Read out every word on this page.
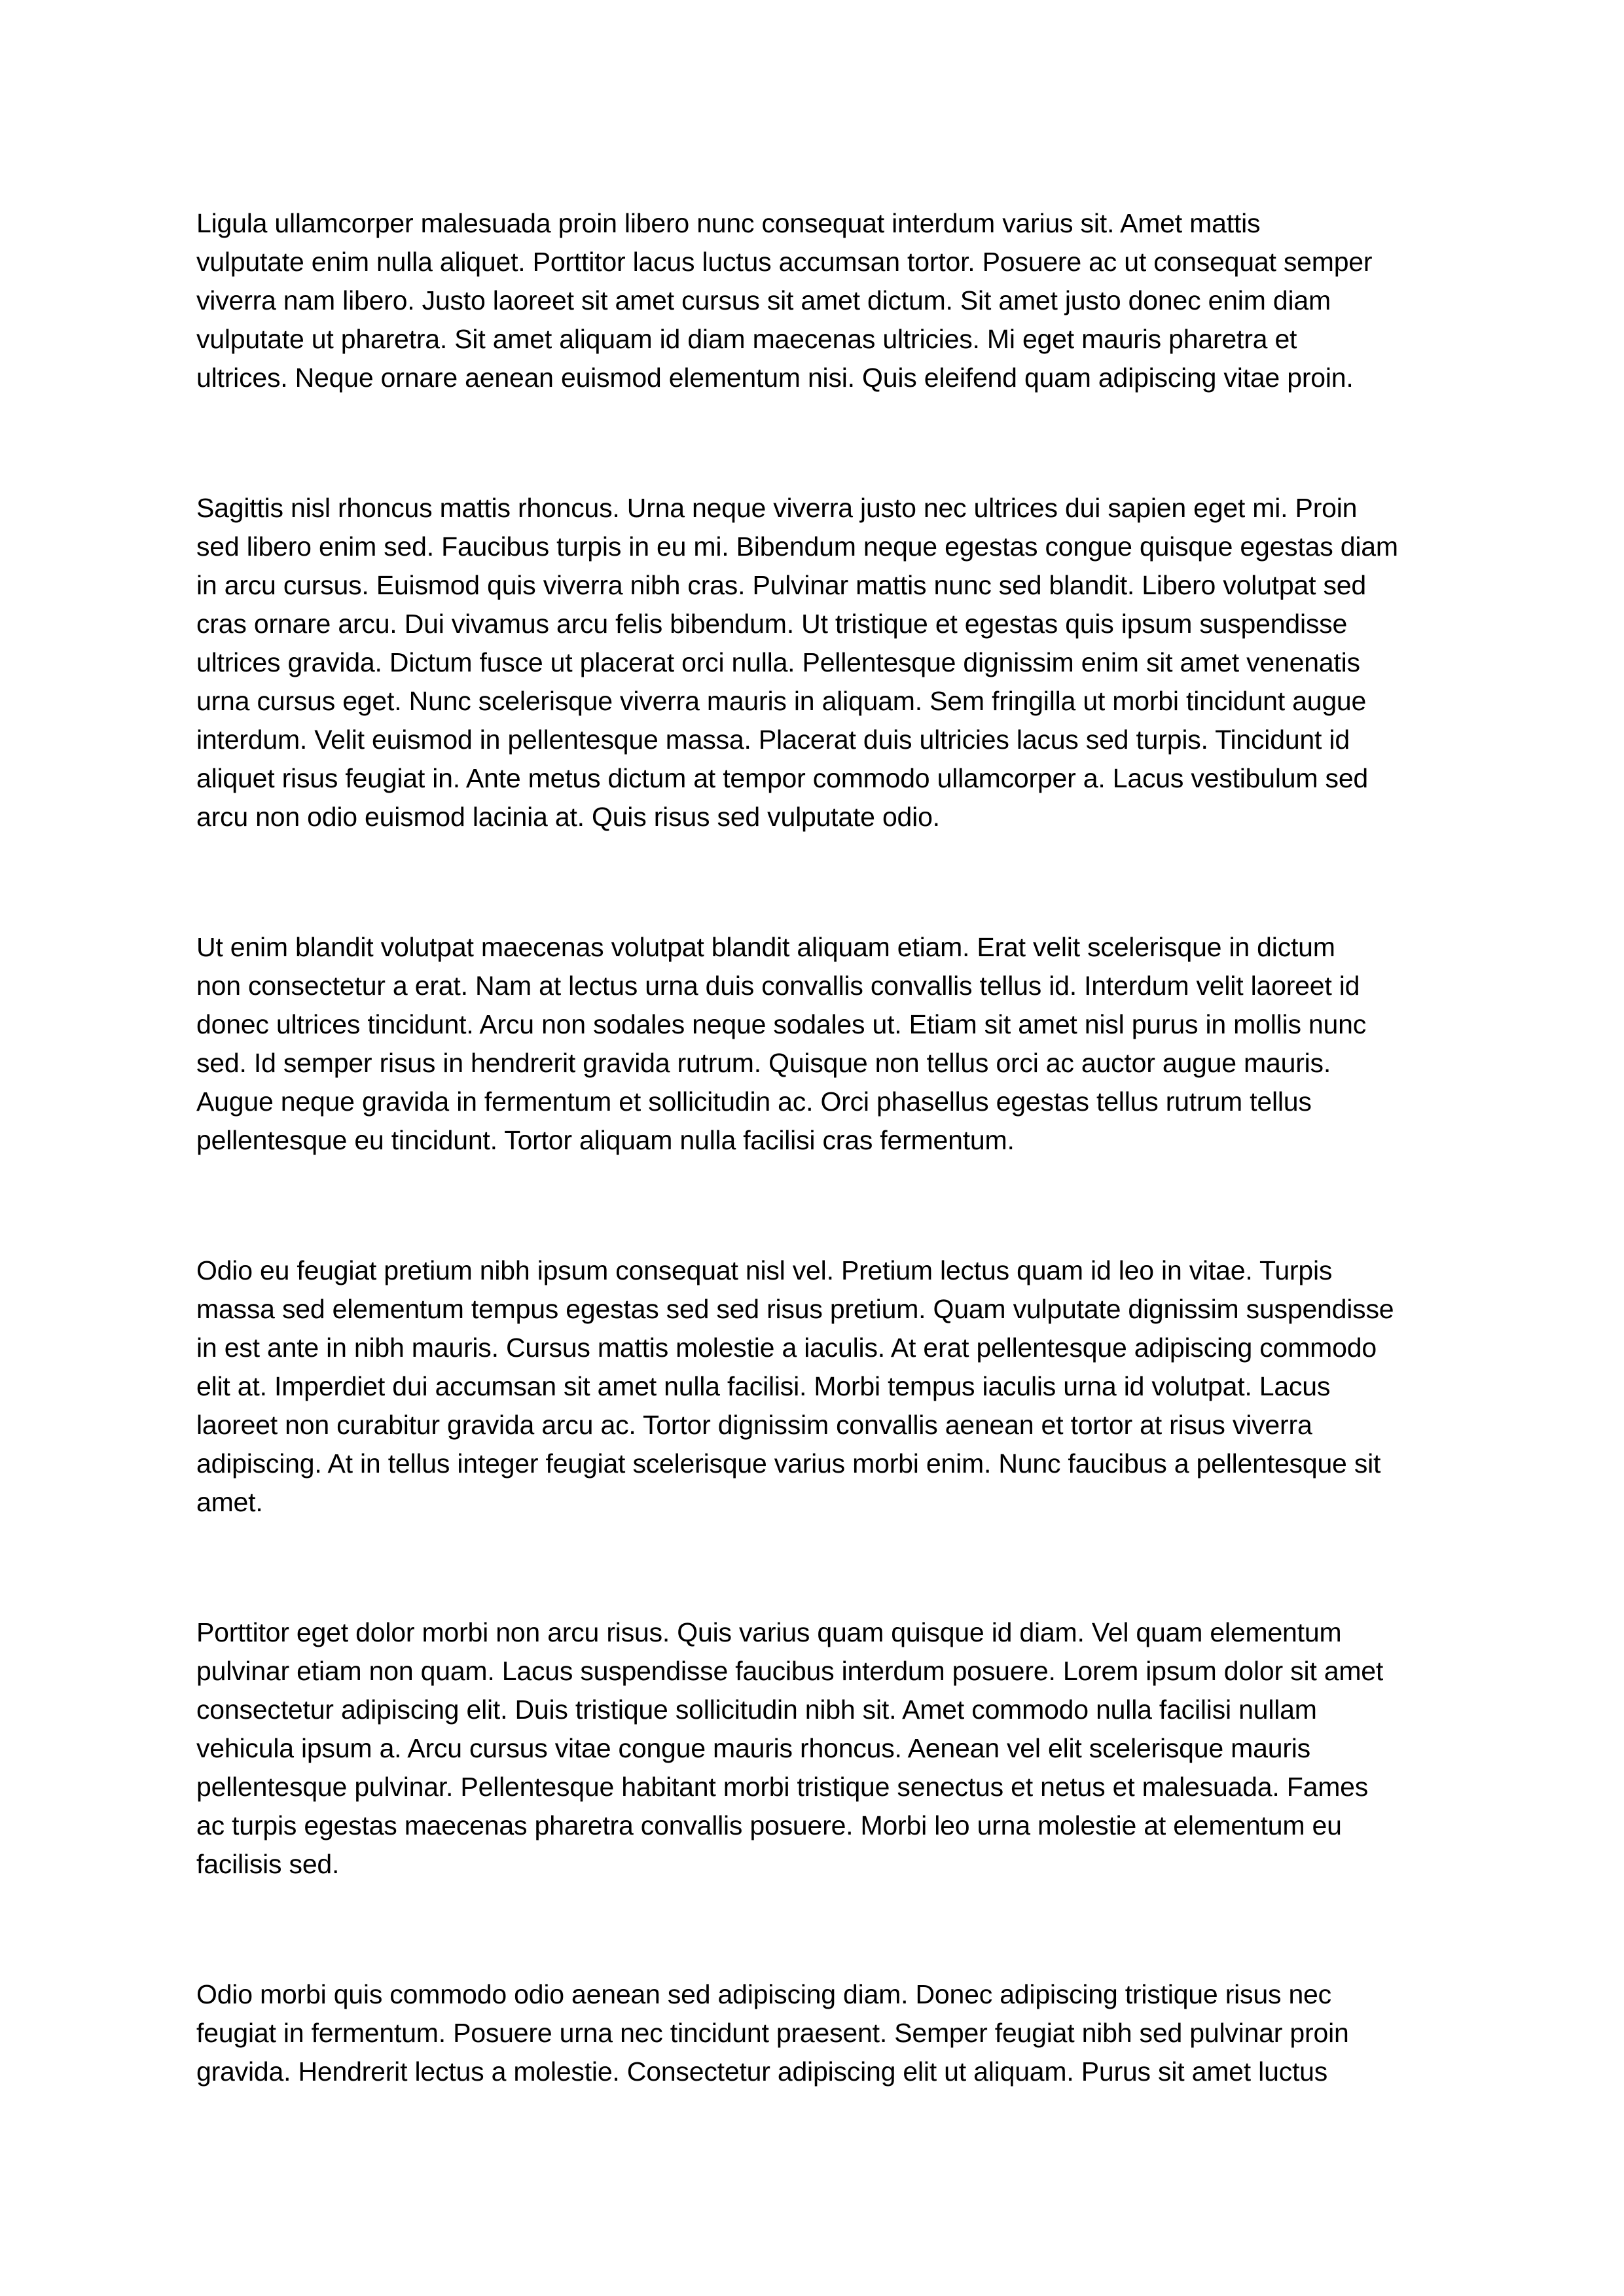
Ligula ullamcorper malesuada proin libero nunc consequat interdum varius sit. Amet mattis
vulputate enim nulla aliquet. Porttitor lacus luctus accumsan tortor. Posuere ac ut consequat semper
viverra nam libero. Justo laoreet sit amet cursus sit amet dictum. Sit amet justo donec enim diam
vulputate ut pharetra. Sit amet aliquam id diam maecenas ultricies. Mi eget mauris pharetra et
ultrices. Neque ornare aenean euismod elementum nisi. Quis eleifend quam adipiscing vitae proin.
Sagittis nisl rhoncus mattis rhoncus. Urna neque viverra justo nec ultrices dui sapien eget mi. Proin
sed libero enim sed. Faucibus turpis in eu mi. Bibendum neque egestas congue quisque egestas diam
in arcu cursus. Euismod quis viverra nibh cras. Pulvinar mattis nunc sed blandit. Libero volutpat sed
cras ornare arcu. Dui vivamus arcu felis bibendum. Ut tristique et egestas quis ipsum suspendisse
ultrices gravida. Dictum fusce ut placerat orci nulla. Pellentesque dignissim enim sit amet venenatis
urna cursus eget. Nunc scelerisque viverra mauris in aliquam. Sem fringilla ut morbi tincidunt augue
interdum. Velit euismod in pellentesque massa. Placerat duis ultricies lacus sed turpis. Tincidunt id
aliquet risus feugiat in. Ante metus dictum at tempor commodo ullamcorper a. Lacus vestibulum sed
arcu non odio euismod lacinia at. Quis risus sed vulputate odio.
Ut enim blandit volutpat maecenas volutpat blandit aliquam etiam. Erat velit scelerisque in dictum
non consectetur a erat. Nam at lectus urna duis convallis convallis tellus id. Interdum velit laoreet id
donec ultrices tincidunt. Arcu non sodales neque sodales ut. Etiam sit amet nisl purus in mollis nunc
sed. Id semper risus in hendrerit gravida rutrum. Quisque non tellus orci ac auctor augue mauris.
Augue neque gravida in fermentum et sollicitudin ac. Orci phasellus egestas tellus rutrum tellus
pellentesque eu tincidunt. Tortor aliquam nulla facilisi cras fermentum.
Odio eu feugiat pretium nibh ipsum consequat nisl vel. Pretium lectus quam id leo in vitae. Turpis
massa sed elementum tempus egestas sed sed risus pretium. Quam vulputate dignissim suspendisse
in est ante in nibh mauris. Cursus mattis molestie a iaculis. At erat pellentesque adipiscing commodo
elit at. Imperdiet dui accumsan sit amet nulla facilisi. Morbi tempus iaculis urna id volutpat. Lacus
laoreet non curabitur gravida arcu ac. Tortor dignissim convallis aenean et tortor at risus viverra
adipiscing. At in tellus integer feugiat scelerisque varius morbi enim. Nunc faucibus a pellentesque sit
amet.
Porttitor eget dolor morbi non arcu risus. Quis varius quam quisque id diam. Vel quam elementum
pulvinar etiam non quam. Lacus suspendisse faucibus interdum posuere. Lorem ipsum dolor sit amet
consectetur adipiscing elit. Duis tristique sollicitudin nibh sit. Amet commodo nulla facilisi nullam
vehicula ipsum a. Arcu cursus vitae congue mauris rhoncus. Aenean vel elit scelerisque mauris
pellentesque pulvinar. Pellentesque habitant morbi tristique senectus et netus et malesuada. Fames
ac turpis egestas maecenas pharetra convallis posuere. Morbi leo urna molestie at elementum eu
facilisis sed.
Odio morbi quis commodo odio aenean sed adipiscing diam. Donec adipiscing tristique risus nec
feugiat in fermentum. Posuere urna nec tincidunt praesent. Semper feugiat nibh sed pulvinar proin
gravida. Hendrerit lectus a molestie. Consectetur adipiscing elit ut aliquam. Purus sit amet luctus
